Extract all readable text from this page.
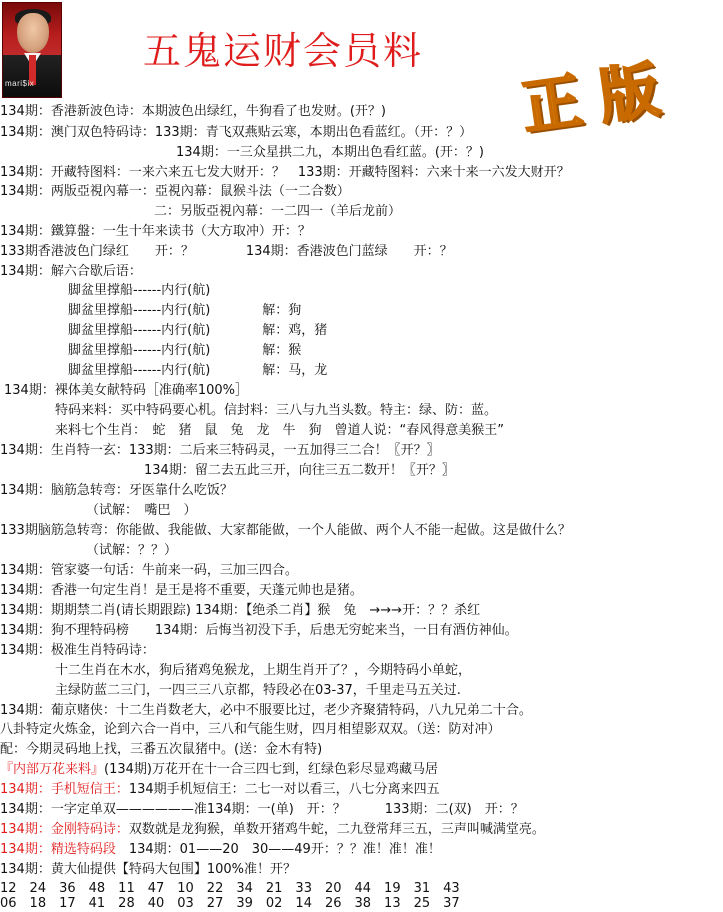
mari$ix
五鬼运财会员料
正 版
134期：香港新波色诗：本期波色出绿红，牛狗看了也发财。(开？)
134期：澳门双色特码诗：133期：青飞双燕贴云寒，本期出色看蓝红。（开：？）
134期：一三众星拱二九，本期出色看红蓝。(开：？)
134期：开藏特图料：一来六来五七发大财开：？　133期：开藏特图料：六来十来一六发大财开？
134期：两版亞視內幕一：亞視內幕：鼠猴斗法（一二合数）
二：另版亞視內幕：一二四一（羊后龙前）
134期：鐵算盤：一生十年来读书（大方取冲）开：？
133期香港波色门绿红　　开：？　　　　134期：香港波色门蓝绿　　开：？
134期：解六合歇后语：
脚盆里撑船------内行(航)
脚盆里撑船------内行(航)　　　　解：狗
脚盆里撑船------内行(航)　　　　解：鸡，猪
脚盆里撑船------内行(航)　　　　解：猴
脚盆里撑船------内行(航)　　　　解：马，龙
134期：裸体美女献特码［准确率100%］
特码来料：买中特码要心机。信封料：三八与九当头数。特主：绿、防：蓝。
来料七个生肖：　蛇　猪　鼠　兔　龙　牛　狗　曾道人说：“春风得意美猴王”
134期：生肖特一玄：133期：二后来三特码灵，一五加得三二合！〖开？〗
134期：留二去五此三开，向往三五二数开！〖开？〗
134期：脑筋急转弯：牙医靠什么吃饭？
（试解：　嘴巴　）
133期脑筋急转弯：你能做、我能做、大家都能做，一个人能做、两个人不能一起做。这是做什么？
（试解：？？）
134期：管家婆一句话：牛前来一码，三加三四合。
134期：香港一句定生肖！是王是将不重要，天蓬元帅也是猪。
134期：期期禁二肖(请长期跟踪) 134期：【绝杀二肖】猴　兔　→→→开：？？杀红
134期：狗不理特码榜　　134期：后悔当初没下手，后患无穷蛇来当，一日有酒仿神仙。
134期：极准生肖特码诗：
十二生肖在木水，狗后猪鸡兔猴龙，上期生肖开了？，今期特码小单蛇，
主绿防蓝二三门，一四三三八京都，特段必在03-37，千里走马五关过.
134期：葡京赌侠：十二生肖数老大，必中不服要比过，老少齐聚猜特码，八九兄弟二十合。
八卦特定火炼金，论到六合一肖中，三八和气能生财，四月相望影双双。（送：防对冲）
配：今期灵码地上找，三番五次鼠猪中。(送：金木有特)
『内部万花来料』(134期)万花开在十一合三四七到，红绿色彩尽显鸡藏马居
134期：手机短信王：134期手机短信王：二七一对以看三，八七分离来四五
134期：一字定单双——————准134期：一(单)　开：？　　　133期：二(双)　开：？
134期：金刚特码诗：双数就是龙狗猴，单数开猪鸡牛蛇，二九登常拜三五，三声叫喊满堂亮。
134期：精选特码段　134期：01——20　30——49开：？？准！准！准！
134期：黄大仙提供【特码大包围】100%准！开？
12　24　36　48　11　47　10　22　34　21　33　20　44　19　31　43
06　18　17　41　28　40　03　27　39　02　14　26　38　13　25　37
